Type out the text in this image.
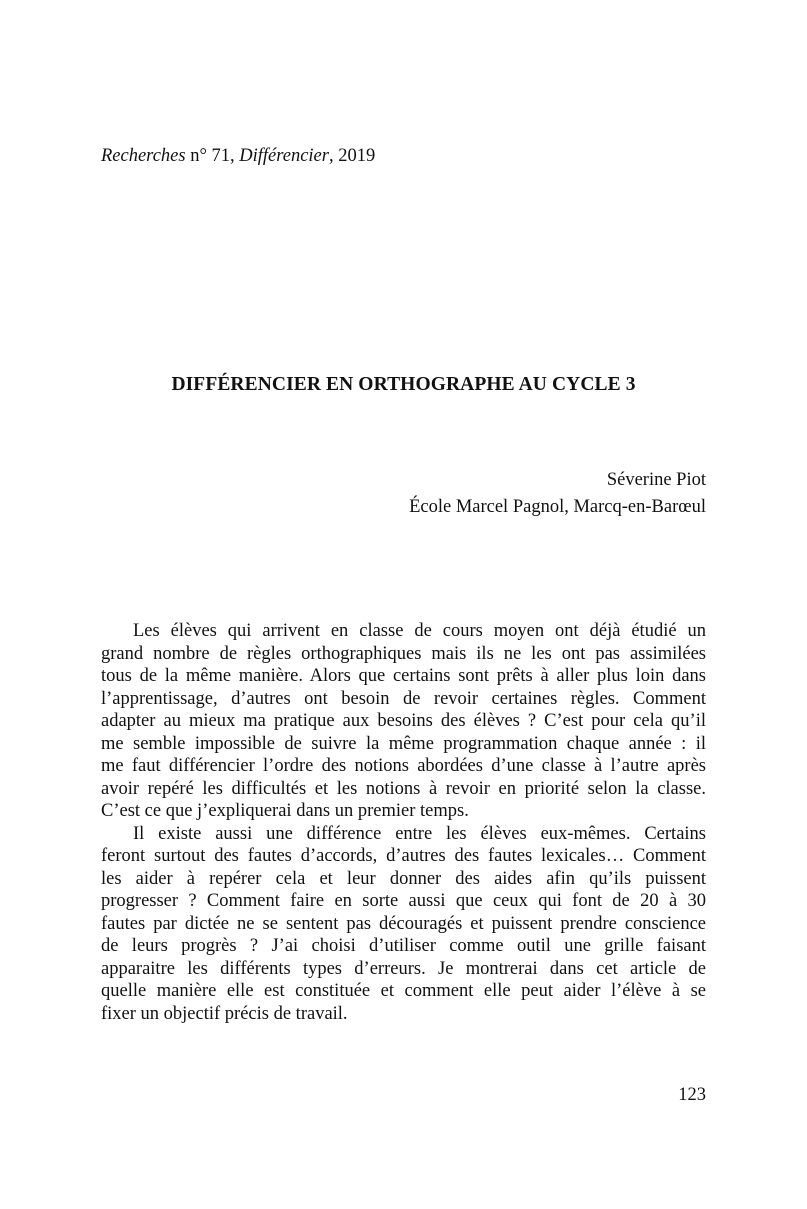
Recherches n° 71, Différencier, 2019
DIFFÉRENCIER EN ORTHOGRAPHE AU CYCLE 3
Séverine Piot
École Marcel Pagnol, Marcq-en-Barœul
Les élèves qui arrivent en classe de cours moyen ont déjà étudié un
grand nombre de règles orthographiques mais ils ne les ont pas assimilées
tous de la même manière. Alors que certains sont prêts à aller plus loin dans
l’apprentissage, d’autres ont besoin de revoir certaines règles. Comment
adapter au mieux ma pratique aux besoins des élèves ? C’est pour cela qu’il
me semble impossible de suivre la même programmation chaque année : il
me faut différencier l’ordre des notions abordées d’une classe à l’autre après
avoir repéré les difficultés et les notions à revoir en priorité selon la classe.
C’est ce que j’expliquerai dans un premier temps.
Il existe aussi une différence entre les élèves eux-mêmes. Certains
feront surtout des fautes d’accords, d’autres des fautes lexicales… Comment
les aider à repérer cela et leur donner des aides afin qu’ils puissent
progresser ? Comment faire en sorte aussi que ceux qui font de 20 à 30
fautes par dictée ne se sentent pas découragés et puissent prendre conscience
de leurs progrès ? J’ai choisi d’utiliser comme outil une grille faisant
apparaitre les différents types d’erreurs. Je montrerai dans cet article de
quelle manière elle est constituée et comment elle peut aider l’élève à se
fixer un objectif précis de travail.
123
